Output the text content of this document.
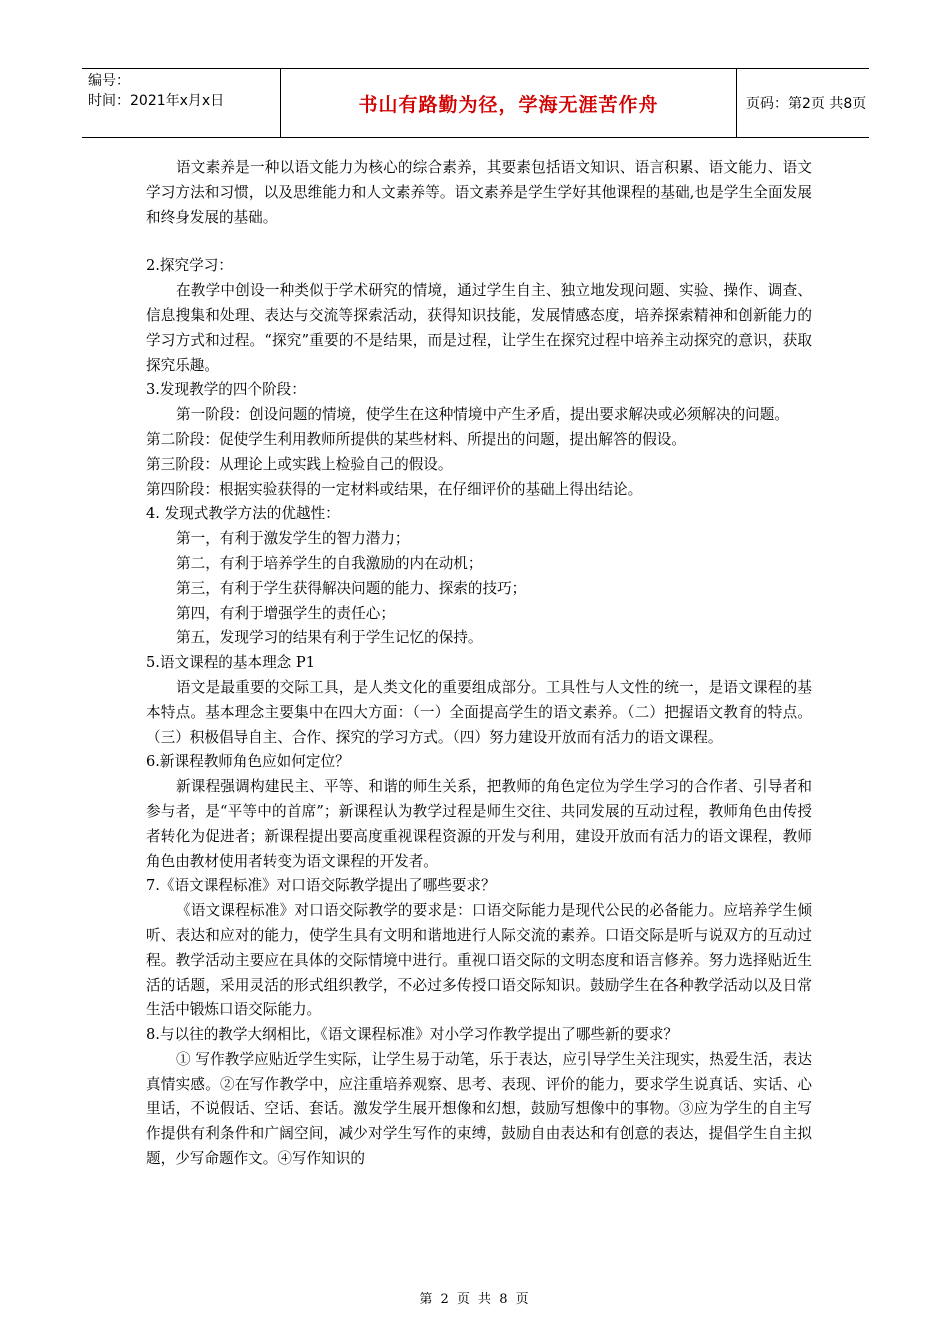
编号：
时间：2021年x月x日	书山有路勤为径，学海无涯苦作舟	页码：第2页 共8页

语文素养是一种以语文能力为核心的综合素养，其要素包括语文知识、语言积累、语文能力、语文学习方法和习惯，以及思维能力和人文素养等。语文素养是学生学好其他课程的基础,也是学生全面发展和终身发展的基础。

2.探究学习：

在教学中创设一种类似于学术研究的情境，通过学生自主、独立地发现问题、实验、操作、调查、信息搜集和处理、表达与交流等探索活动，获得知识技能，发展情感态度，培养探索精神和创新能力的学习方式和过程。“探究”重要的不是结果，而是过程，让学生在探究过程中培养主动探究的意识，获取探究乐趣。

3.发现教学的四个阶段：

第一阶段：创设问题的情境，使学生在这种情境中产生矛盾，提出要求解决或必须解决的问题。

第二阶段：促使学生利用教师所提供的某些材料、所提出的问题，提出解答的假设。

第三阶段：从理论上或实践上检验自己的假设。

第四阶段：根据实验获得的一定材料或结果，在仔细评价的基础上得出结论。

4. 发现式教学方法的优越性：

第一，有利于激发学生的智力潜力；

第二，有利于培养学生的自我激励的内在动机；

第三，有利于学生获得解决问题的能力、探索的技巧；

第四，有利于增强学生的责任心；

第五，发现学习的结果有利于学生记忆的保持。

5.语文课程的基本理念 P1

语文是最重要的交际工具，是人类文化的重要组成部分。工具性与人文性的统一，是语文课程的基本特点。基本理念主要集中在四大方面：（一）全面提高学生的语文素养。（二）把握语文教育的特点。（三）积极倡导自主、合作、探究的学习方式。（四）努力建设开放而有活力的语文课程。

6.新课程教师角色应如何定位？

新课程强调构建民主、平等、和谐的师生关系，把教师的角色定位为学生学习的合作者、引导者和参与者，是“平等中的首席”；新课程认为教学过程是师生交往、共同发展的互动过程，教师角色由传授者转化为促进者；新课程提出要高度重视课程资源的开发与利用，建设开放而有活力的语文课程，教师角色由教材使用者转变为语文课程的开发者。

7.《语文课程标准》对口语交际教学提出了哪些要求？

《语文课程标准》对口语交际教学的要求是：口语交际能力是现代公民的必备能力。应培养学生倾听、表达和应对的能力，使学生具有文明和谐地进行人际交流的素养。口语交际是听与说双方的互动过程。教学活动主要应在具体的交际情境中进行。重视口语交际的文明态度和语言修养。努力选择贴近生活的话题，采用灵活的形式组织教学，不必过多传授口语交际知识。鼓励学生在各种教学活动以及日常生活中锻炼口语交际能力。

8.与以往的教学大纲相比，《语文课程标准》对小学习作教学提出了哪些新的要求？

① 写作教学应贴近学生实际，让学生易于动笔，乐于表达，应引导学生关注现实，热爱生活，表达真情实感。②在写作教学中，应注重培养观察、思考、表现、评价的能力，要求学生说真话、实话、心里话，不说假话、空话、套话。激发学生展开想像和幻想，鼓励写想像中的事物。③应为学生的自主写作提供有利条件和广阔空间，减少对学生写作的束缚，鼓励自由表达和有创意的表达，提倡学生自主拟题，少写命题作文。④写作知识的

第 2 页 共 8 页
